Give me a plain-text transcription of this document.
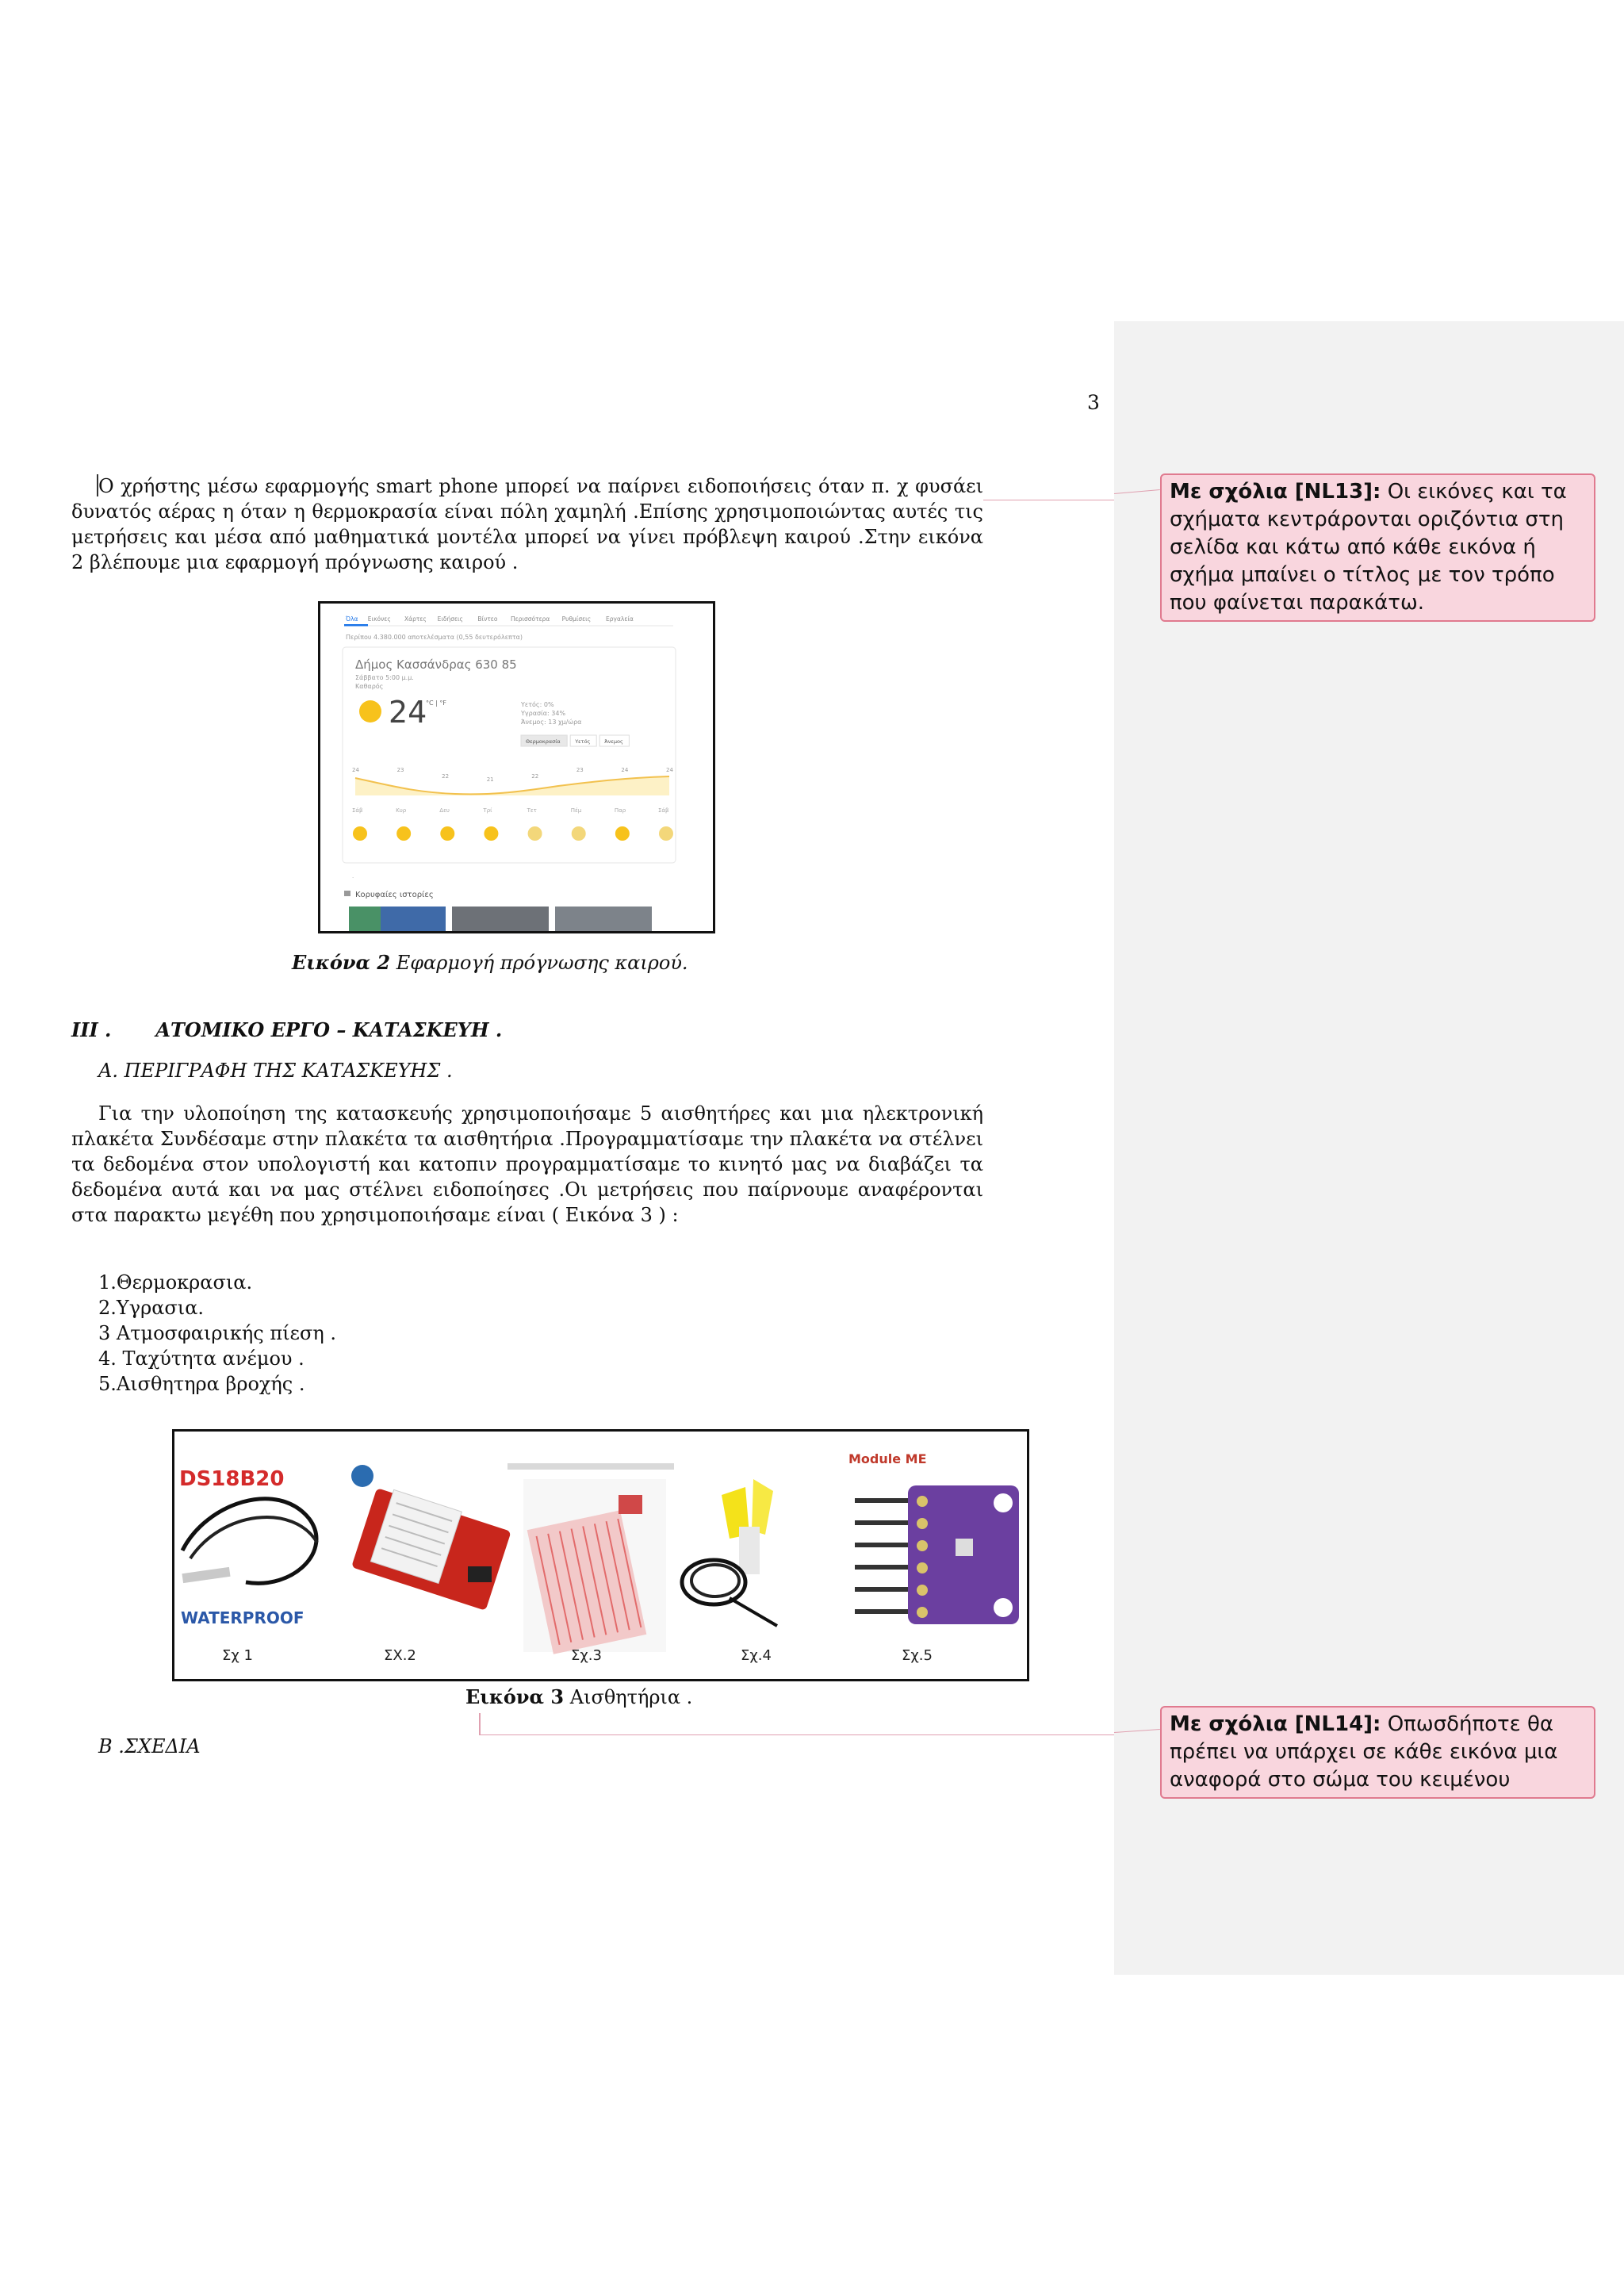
3
Ο χρήστης μέσω εφαρμογής smart phone μπορεί να παίρνει ειδοποιήσεις όταν π. χ φυσάει δυνατός αέρας η όταν η θερμοκρασία είναι πόλη χαμηλή .Επίσης χρησιμοποιώντας αυτές τις μετρήσεις και μέσα από μαθηματικά μοντέλα μπορεί να γίνει πρόβλεψη καιρού .Στην εικόνα 2 βλέπουμε μια εφαρμογή πρόγνωσης καιρού .
Όλα Εικόνες Χάρτες Ειδήσεις Βίντεο Περισσότερα Ρυθμίσεις	Εργαλεία
Περίπου 4.380.000 αποτελέσματα (0,55 δευτερόλεπτα)
Δήμος Κασσάνδρας 630 85
Σάββατο 5:00 μ.μ.
Καθαρός
24
°C | °F	Υετός: 0%
Υγρασία: 34%
Άνεμος: 13 χμ/ώρα
Θερμοκρασία	Υετός	Άνεμος
24	23
22	21	22
23	24	24
Σάβ	Κυρ	Δευ	Τρί	Τετ	Πέμ	Παρ	Σάβ
·
Κορυφαίες ιστορίες
Εικόνα 2 Εφαρμογή πρόγνωσης καιρού.
ΙΙΙ . ΑΤΟΜΙΚΟ ΕΡΓΟ – ΚΑΤΑΣΚΕΥΗ .
Α. ΠΕΡΙΓΡΑΦΗ ΤΗΣ ΚΑΤΑΣΚΕΥΗΣ .
Για την υλοποίηση της κατασκευής χρησιμοποιήσαμε 5 αισθητήρες και μια ηλεκτρονική πλακέτα Συνδέσαμε στην πλακέτα τα αισθητήρια .Προγραμματίσαμε την πλακέτα να στέλνει τα δεδομένα στον υπολογιστή και κατοπιν προγραμματίσαμε το κινητό μας να διαβάζει τα δεδομένα αυτά και να μας στέλνει ειδοποίησες .Οι μετρήσεις που παίρνουμε αναφέρονται στα παρακτω μεγέθη που χρησιμοποιήσαμε είναι ( Εικόνα 3 ) :
1.Θερμοκρασια.
2.Υγρασια.
3 Ατμοσφαιρικής πίεση .
4. Ταχύτητα ανέμου .
5.Αισθητηρα βροχής .
DS18B20
WATERPROOF
Module ME
Σχ 1	ΣΧ.2	Σχ.3	Σχ.4	Σχ.5
Εικόνα 3 Αισθητήρια .
Β .ΣΧΕΔΙΑ
Με σχόλια [NL13]: Οι εικόνες και τα σχήματα κεντράρονται οριζόντια στη σελίδα και κάτω από κάθε εικόνα ή σχήμα μπαίνει ο τίτλος με τον τρόπο που φαίνεται παρακάτω.
Με σχόλια [NL14]: Οπωσδήποτε θα πρέπει να υπάρχει σε κάθε εικόνα μια αναφορά στο σώμα του κειμένου
